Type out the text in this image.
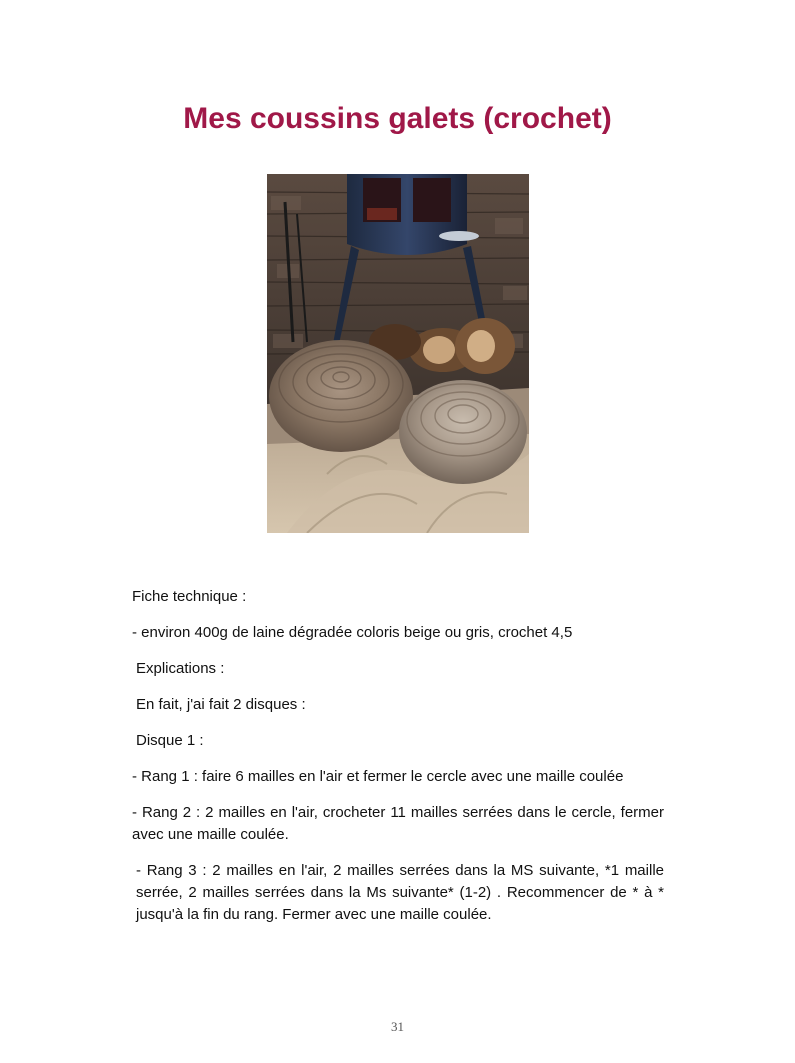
Mes coussins galets (crochet)

Fiche technique :

- environ 400g de laine dégradée coloris beige ou gris, crochet 4,5

Explications :

En fait, j'ai fait 2 disques :

Disque 1 :

- Rang 1 : faire 6 mailles en l'air et fermer le cercle avec une maille coulée

- Rang 2 : 2 mailles en l'air, crocheter 11 mailles serrées dans le cercle, fermer avec une maille coulée.

- Rang 3 : 2 mailles en l'air, 2 mailles serrées dans la MS suivante, *1 maille serrée, 2 mailles serrées dans la Ms suivante* (1-2) . Recommencer de * à * jusqu'à la fin du rang. Fermer avec une maille coulée.

31
